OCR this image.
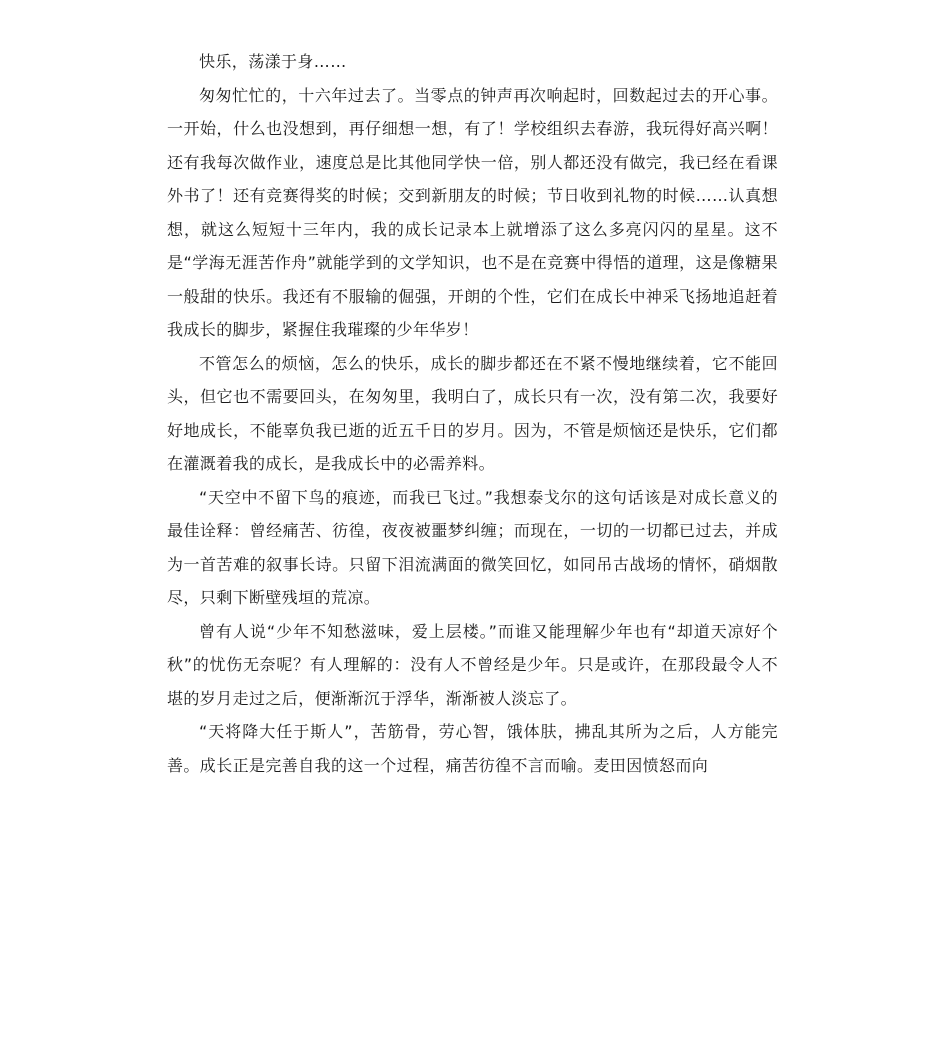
快乐，荡漾于身……

匆匆忙忙的，十六年过去了。当零点的钟声再次响起时，回数起过去的开心事。一开始，什么也没想到，再仔细想一想，有了！学校组织去春游，我玩得好高兴啊！还有我每次做作业，速度总是比其他同学快一倍，别人都还没有做完，我已经在看课外书了！还有竞赛得奖的时候；交到新朋友的时候；节日收到礼物的时候……认真想想，就这么短短十三年内，我的成长记录本上就增添了这么多亮闪闪的星星。这不是“学海无涯苦作舟”就能学到的文学知识，也不是在竞赛中得悟的道理，这是像糖果一般甜的快乐。我还有不服输的倔强，开朗的个性，它们在成长中神采飞扬地追赶着我成长的脚步，紧握住我璀璨的少年华岁！

不管怎么的烦恼，怎么的快乐，成长的脚步都还在不紧不慢地继续着，它不能回头，但它也不需要回头，在匆匆里，我明白了，成长只有一次，没有第二次，我要好好地成长，不能辜负我已逝的近五千日的岁月。因为，不管是烦恼还是快乐，它们都在灌溉着我的成长，是我成长中的必需养料。

“天空中不留下鸟的痕迹，而我已飞过。”我想泰戈尔的这句话该是对成长意义的最佳诠释：曾经痛苦、彷徨，夜夜被噩梦纠缠；而现在，一切的一切都已过去，并成为一首苦难的叙事长诗。只留下泪流满面的微笑回忆，如同吊古战场的情怀，硝烟散尽，只剩下断壁残垣的荒凉。

曾有人说“少年不知愁滋味，爱上层楼。”而谁又能理解少年也有“却道天凉好个秋”的忧伤无奈呢？有人理解的：没有人不曾经是少年。只是或许，在那段最令人不堪的岁月走过之后，便渐渐沉于浮华，渐渐被人淡忘了。

“天将降大任于斯人”，苦筋骨，劳心智，饿体肤，拂乱其所为之后，人方能完善。成长正是完善自我的这一个过程，痛苦彷徨不言而喻。麦田因愤怒而向
